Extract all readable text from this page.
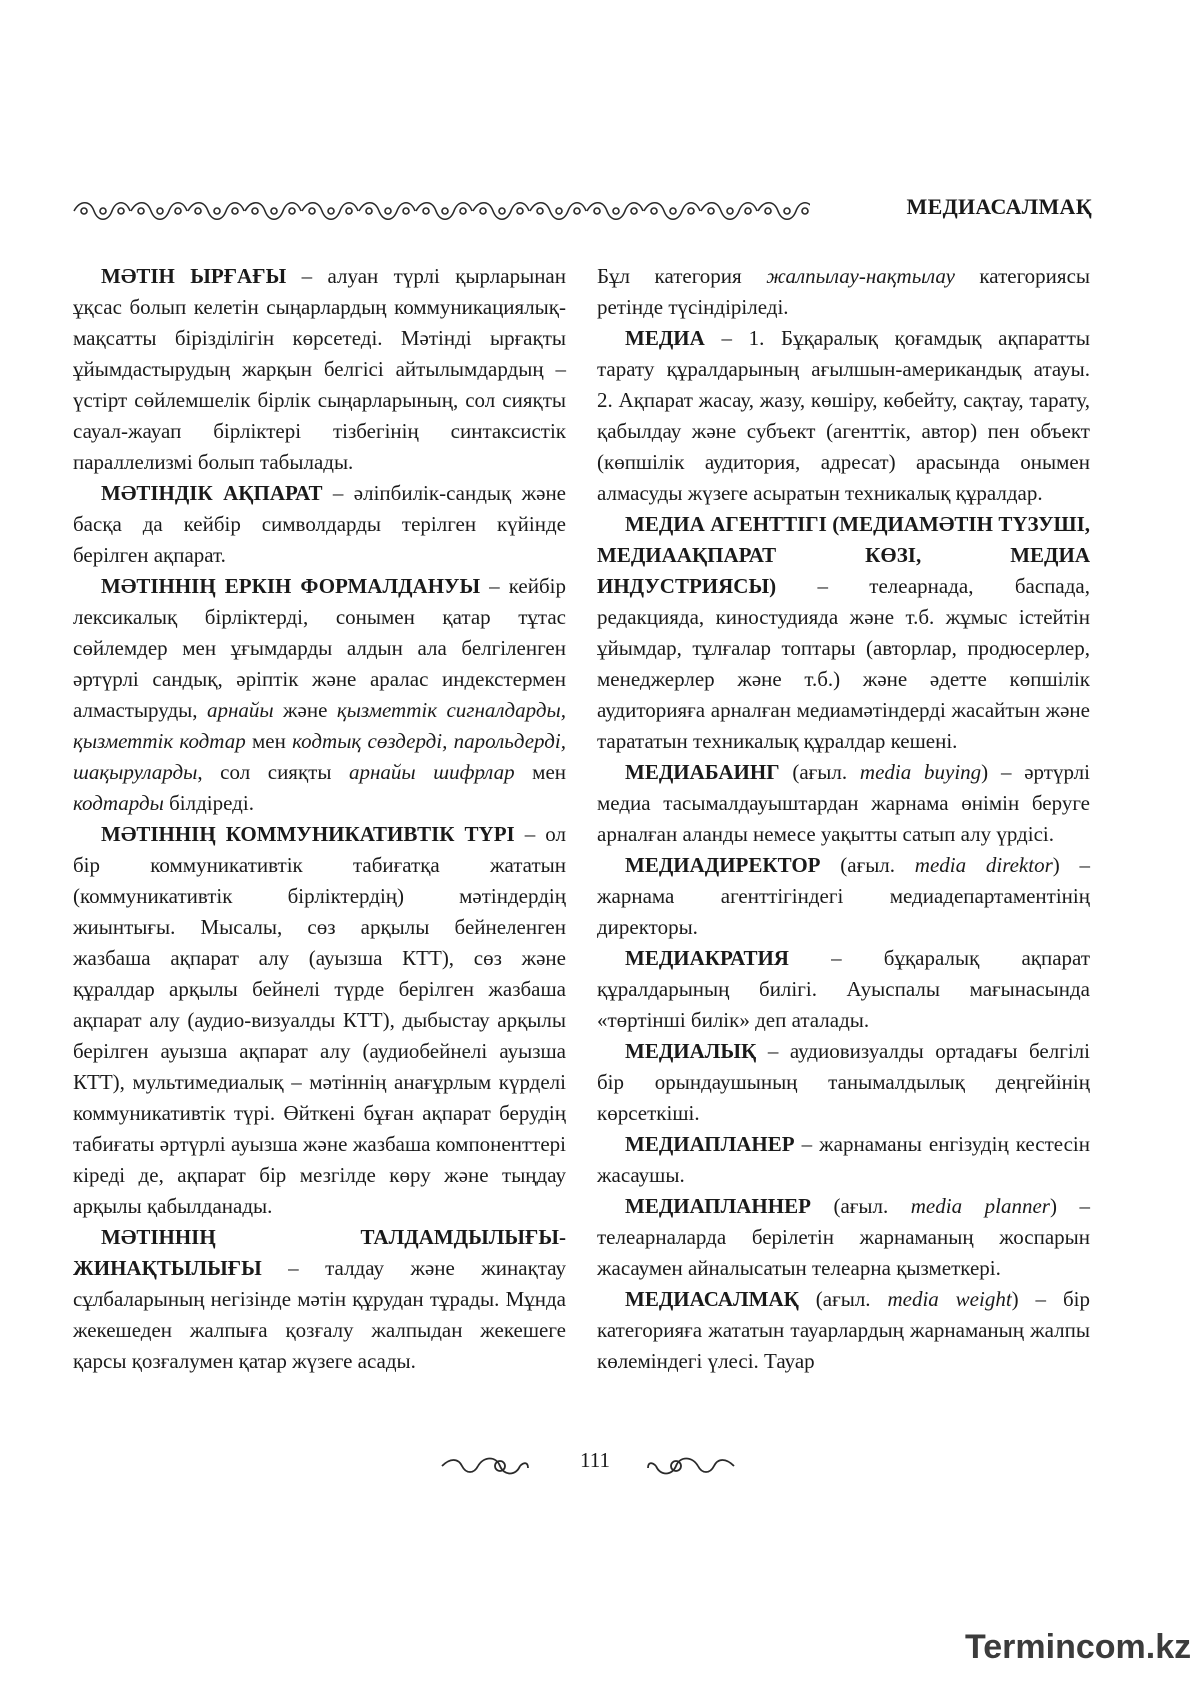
МЕДИАСАЛМАҚ

МӘТІН ЫРҒАҒЫ – алуан түрлі қырларынан ұқсас болып келетін сыңарлардың коммуникациялық-мақсатты бірізділігін көрсетеді. Мәтінді ырғақты ұйымдастырудың жарқын белгісі айтылымдардың – үстірт сөйлемшелік бірлік сыңарларының, сол сияқты сауал-жауап бірліктері тізбегінің синтаксистік параллелизмі болып табылады.

МӘТІНДІК АҚПАРАТ – әліпбилік-сандық және басқа да кейбір символдарды терілген күйінде берілген ақпарат.

МӘТІННІҢ ЕРКІН ФОРМАЛДАНУЫ – кейбір лексикалық бірліктерді, сонымен қатар тұтас сөйлемдер мен ұғымдарды алдын ала белгіленген әртүрлі сандық, әріптік және аралас индекстермен алмастыруды, арнайы және қызметтік сигналдарды, қызметтік кодтар мен кодтық сөздерді, парольдерді, шақыруларды, сол сияқты арнайы шифрлар мен кодтарды білдіреді.

МӘТІННІҢ КОММУНИКАТИВТІК ТҮРІ – ол бір коммуникативтік табиғатқа жататын (коммуникативтік бірліктердің) мәтіндердің жиынтығы. Мысалы, сөз арқылы бейнеленген жазбаша ақпарат алу (ауызша КТТ), сөз және құралдар арқылы бейнелі түрде берілген жазбаша ақпарат алу (аудио-визуалды КТТ), дыбыстау арқылы берілген ауызша ақпарат алу (аудиобейнелі ауызша КТТ), мультимедиалық – мәтіннің анағұрлым күрделі коммуникативтік түрі. Өйткені бұған ақпарат берудің табиғаты әртүрлі ауызша және жазбаша компоненттері кіреді де, ақпарат бір мезгілде көру және тыңдау арқылы қабылданады.

МӘТІННІҢ ТАЛДАМДЫЛЫҒЫ-ЖИНАҚТЫЛЫҒЫ – талдау және жинақтау сұлбаларының негізінде мәтін құрудан тұрады. Мұнда жекешеден жалпыға қозғалу жалпыдан жекешеге қарсы қозғалумен қатар жүзеге асады.

Бұл категория жалпылау-нақтылау категориясы ретінде түсіндіріледі.

МЕДИА – 1. Бұқаралық қоғамдық ақпаратты тарату құралдарының ағылшын-американдық атауы. 2. Ақпарат жасау, жазу, көшіру, көбейту, сақтау, тарату, қабылдау және субъект (агенттік, автор) пен объект (көпшілік аудитория, адресат) арасында онымен алмасуды жүзеге асыратын техникалық құралдар.

МЕДИА АГЕНТТІГІ (МЕДИАМӘТІН ТҮЗУШІ, МЕДИААҚПАРАТ КӨЗІ, МЕДИА ИНДУСТРИЯСЫ) – телеарнада, баспада, редакцияда, киностудияда және т.б. жұмыс істейтін ұйымдар, тұлғалар топтары (авторлар, продюсерлер, менеджерлер және т.б.) және әдетте көпшілік аудиторияға арналған медиамәтіндерді жасайтын және тарататын техникалық құралдар кешені.

МЕДИАБАИНГ (ағыл. media buying) – әртүрлі медиа тасымалдауыштардан жарнама өнімін беруге арналған аланды немесе уақытты сатып алу үрдісі.

МЕДИАДИРЕКТОР (ағыл. media direktor) – жарнама агенттігіндегі медиадепартаментінің директоры.

МЕДИАКРАТИЯ – бұқаралық ақпарат құралдарының билігі. Ауыспалы мағынасында «төртінші билік» деп аталады.

МЕДИАЛЫҚ – аудиовизуалды ортадағы белгілі бір орындаушының танымалдылық деңгейінің көрсеткіші.

МЕДИАПЛАНЕР – жарнаманы енгізудің кестесін жасаушы.

МЕДИАПЛАННЕР (ағыл. media planner) – телеарналарда берілетін жарнаманың жоспарын жасаумен айналысатын телеарна қызметкері.

МЕДИАСАЛМАҚ (ағыл. media weight) – бір категорияға жататын тауарлардың жарнаманың жалпы көлеміндегі үлесі. Тауар

111
Termincom.kz
